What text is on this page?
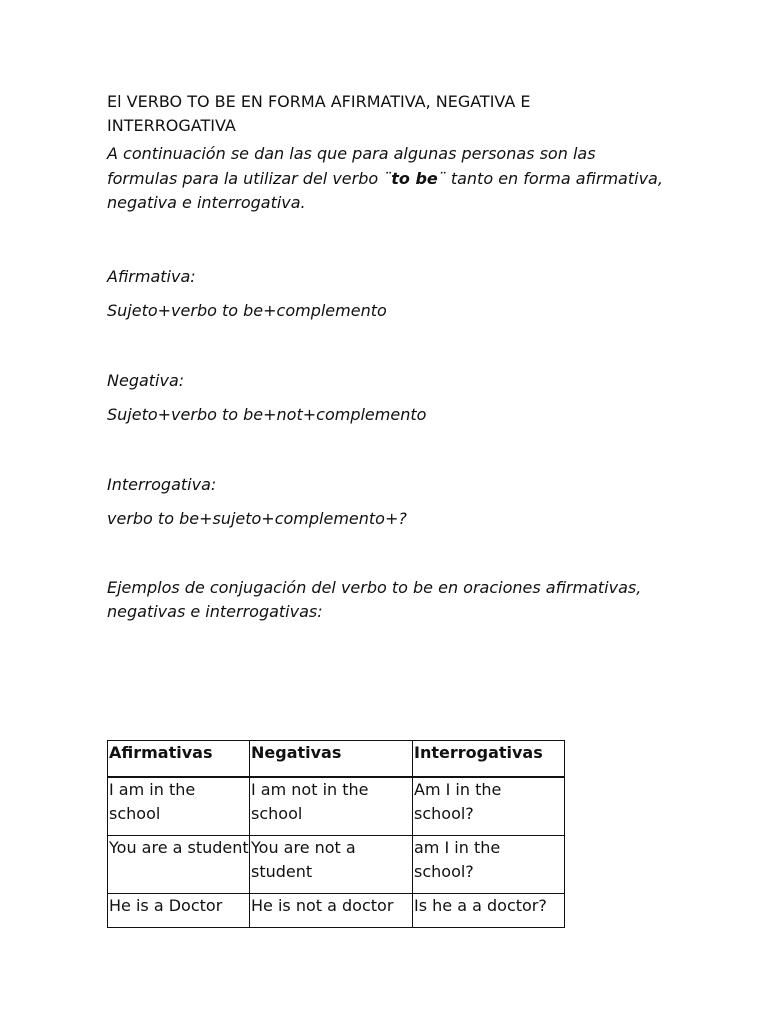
El VERBO TO BE EN FORMA AFIRMATIVA, NEGATIVA E
INTERROGATIVA

A continuación se dan las que para algunas personas son las formulas para la utilizar del verbo ¨to be¨ tanto en forma afirmativa, negativa e interrogativa.

Afirmativa:

Sujeto+verbo to be+complemento

Negativa:

Sujeto+verbo to be+not+complemento

Interrogativa:

verbo to be+sujeto+complemento+?

Ejemplos de conjugación del verbo to be en oraciones afirmativas, negativas e interrogativas:

Afirmativas	Negativas	Interrogativas
I am in the school	I am not in the school	Am I in the school?
You are a student	You are not a student	am I in the school?
He is a Doctor	He is not a doctor	Is he a a doctor?
